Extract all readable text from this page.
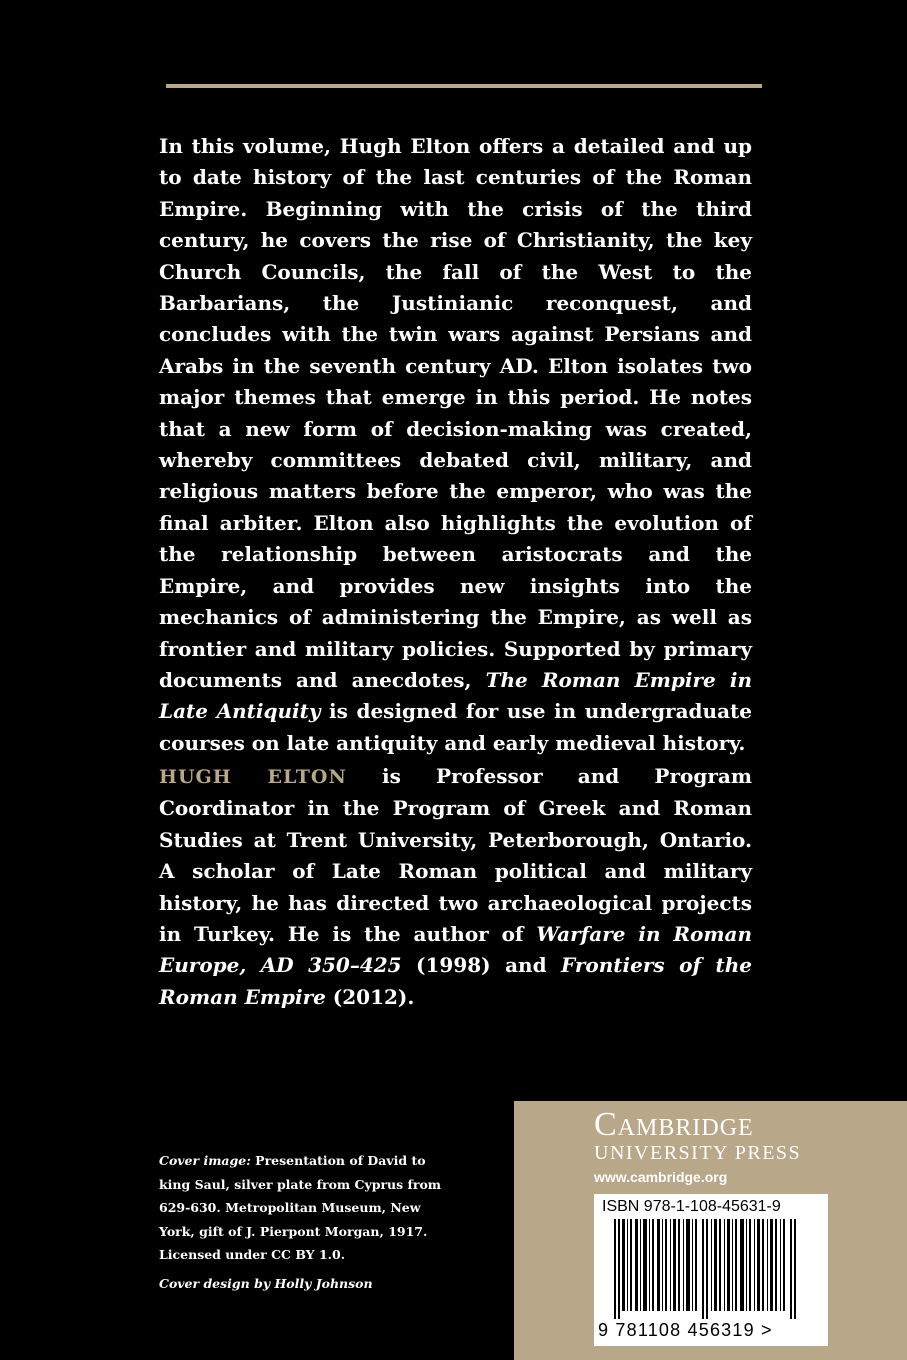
In this volume, Hugh Elton offers a detailed and up to date history of the last centuries of the Roman Empire. Beginning with the crisis of the third century, he covers the rise of Christianity, the key Church Councils, the fall of the West to the Barbarians, the Justinianic reconquest, and concludes with the twin wars against Persians and Arabs in the seventh century AD. Elton isolates two major themes that emerge in this period. He notes that a new form of decision-making was created, whereby committees debated civil, military, and religious matters before the emperor, who was the final arbiter. Elton also highlights the evolution of the relationship between aristocrats and the Empire, and provides new insights into the mechanics of administering the Empire, as well as frontier and military policies. Supported by primary documents and anecdotes, The Roman Empire in Late Antiquity is designed for use in undergraduate courses on late antiquity and early medieval history.

HUGH ELTON is Professor and Program Coordinator in the Program of Greek and Roman Studies at Trent University, Peterborough, Ontario. A scholar of Late Roman political and military history, he has directed two archaeological projects in Turkey. He is the author of Warfare in Roman Europe, AD 350–425 (1998) and Frontiers of the Roman Empire (2012).

Cover image: Presentation of David to king Saul, silver plate from Cyprus from 629-630. Metropolitan Museum, New York, gift of J. Pierpont Morgan, 1917. Licensed under CC BY 1.0.

Cover design by Holly Johnson

Cambridge
UNIVERSITY PRESS
www.cambridge.org
ISBN 978-1-108-45631-9
9 781108 456319 >
